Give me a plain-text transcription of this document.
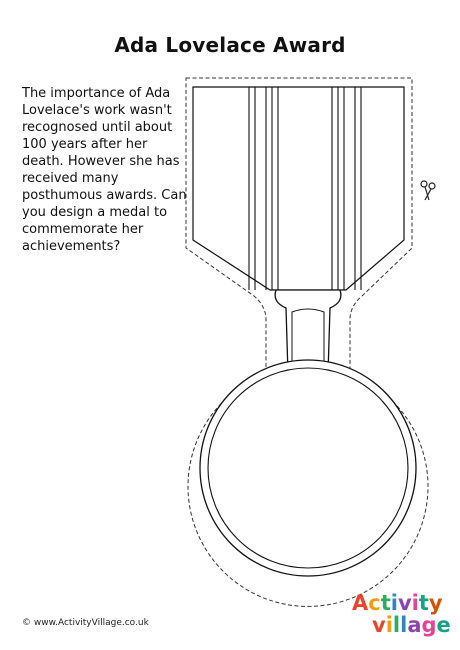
Ada Lovelace Award

The importance of Ada Lovelace's work wasn't recognosed until about 100 years after her death. However she has received many posthumous awards. Can you design a medal to commemorate her achievements?

© www.ActivityVillage.co.uk
Activity
village
